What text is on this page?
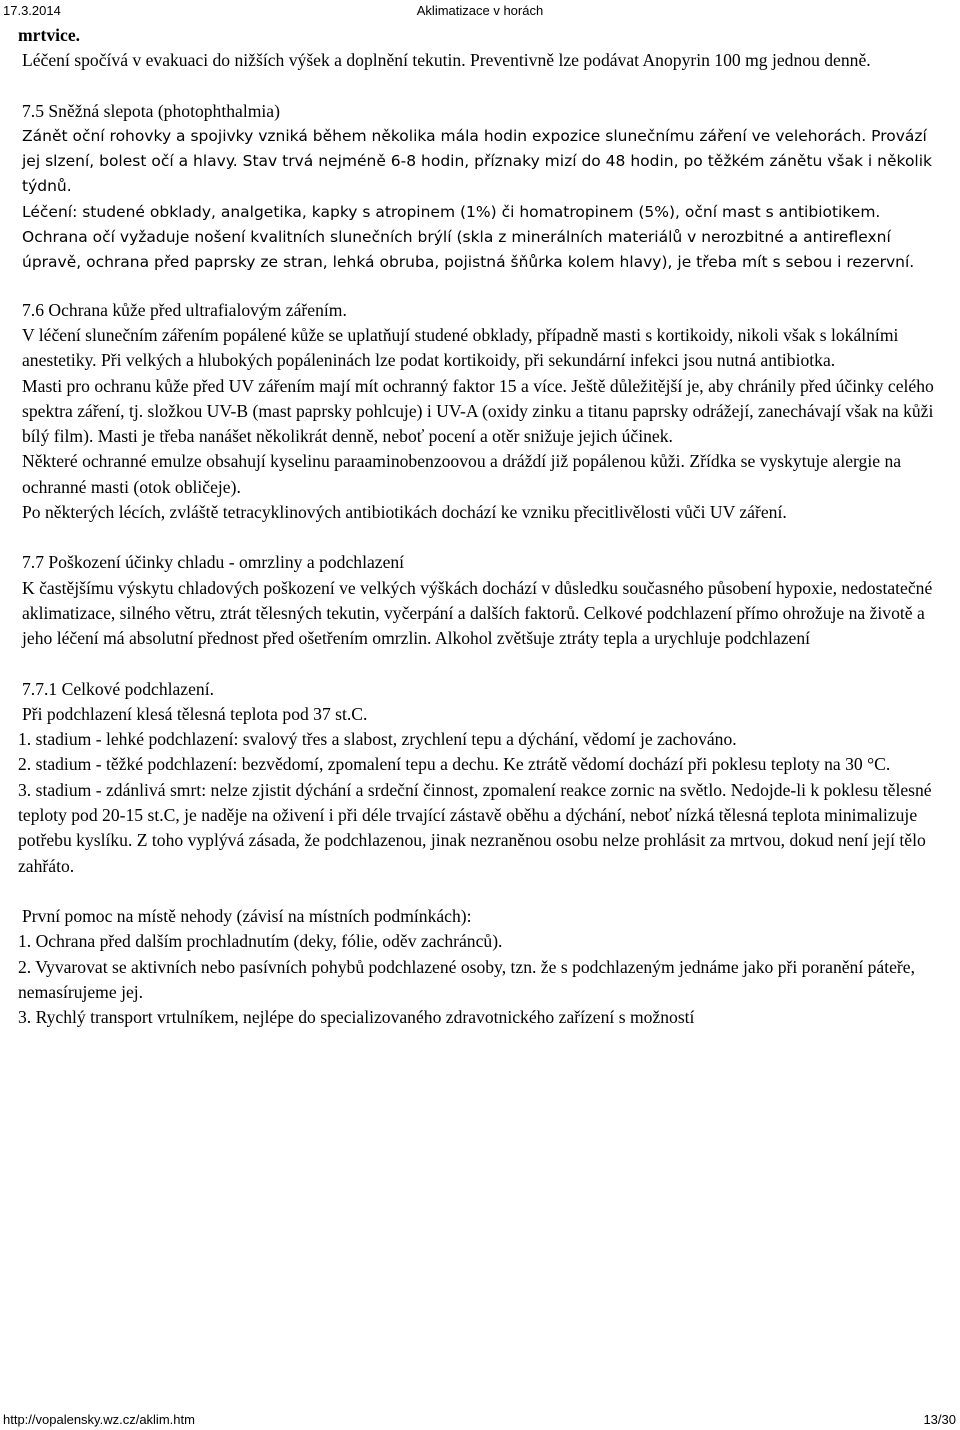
17.3.2014	Aklimatizace v horách

mrtvice.

Léčení spočívá v evakuaci do nižších výšek a doplnění tekutin. Preventivně lze podávat Anopyrin 100 mg jednou denně.

7.5 Sněžná slepota (photophthalmia)

Zánět oční rohovky a spojivky vzniká během několika mála hodin expozice slunečnímu záření ve velehorách. Provází jej slzení, bolest očí a hlavy. Stav trvá nejméně 6-8 hodin, příznaky mizí do 48 hodin, po těžkém zánětu však i několik týdnů.

Léčení: studené obklady, analgetika, kapky s atropinem (1%) či homatropinem (5%), oční mast s antibiotikem.

Ochrana očí vyžaduje nošení kvalitních slunečních brýlí (skla z minerálních materiálů v nerozbitné a antireflexní úpravě, ochrana před paprsky ze stran, lehká obruba, pojistná šňůrka kolem hlavy), je třeba mít s sebou i rezervní.

7.6 Ochrana kůže před ultrafialovým zářením.

V léčení slunečním zářením popálené kůže se uplatňují studené obklady, případně masti s kortikoidy, nikoli však s lokálními anestetiky. Při velkých a hlubokých popáleninách lze podat kortikoidy, při sekundární infekci jsou nutná antibiotka.

Masti pro ochranu kůže před UV zářením mají mít ochranný faktor 15 a více. Ještě důležitější je, aby chránily před účinky celého spektra záření, tj. složkou UV-B (mast paprsky pohlcuje) i UV-A (oxidy zinku a titanu paprsky odrážejí, zanechávají však na kůži bílý film). Masti je třeba nanášet několikrát denně, neboť pocení a otěr snižuje jejich účinek.

Některé ochranné emulze obsahují kyselinu paraaminobenzoovou a dráždí již popálenou kůži. Zřídka se vyskytuje alergie na ochranné masti (otok obličeje).

Po některých lécích, zvláště tetracyklinových antibiotikách dochází ke vzniku přecitlivělosti vůči UV záření.

7.7 Poškození účinky chladu - omrzliny a podchlazení

K častějšímu výskytu chladových poškození ve velkých výškách dochází v důsledku současného působení hypoxie, nedostatečné aklimatizace, silného větru, ztrát tělesných tekutin, vyčerpání a dalších faktorů. Celkové podchlazení přímo ohrožuje na životě a jeho léčení má absolutní přednost před ošetřením omrzlin. Alkohol zvětšuje ztráty tepla a urychluje podchlazení

7.7.1 Celkové podchlazení.

Při podchlazení klesá tělesná teplota pod 37 st.C.

1. stadium - lehké podchlazení: svalový třes a slabost, zrychlení tepu a dýchání, vědomí je zachováno.

2. stadium - těžké podchlazení: bezvědomí, zpomalení tepu a dechu. Ke ztrátě vědomí dochází při poklesu teploty na 30 °C.

3. stadium - zdánlivá smrt: nelze zjistit dýchání a srdeční činnost, zpomalení reakce zornic na světlo. Nedojde-li k poklesu tělesné teploty pod 20-15 st.C, je naděje na oživení i při déle trvající zástavě oběhu a dýchání, neboť nízká tělesná teplota minimalizuje potřebu kyslíku. Z toho vyplývá zásada, že podchlazenou, jinak nezraněnou osobu nelze prohlásit za mrtvou, dokud není její tělo zahřáto.

První pomoc na místě nehody (závisí na místních podmínkách):

1. Ochrana před dalším prochladnutím (deky, fólie, oděv zachránců).

2. Vyvarovat se aktivních nebo pasívních pohybů podchlazené osoby, tzn. že s podchlazeným jednáme jako při poranění páteře, nemasírujeme jej.

3. Rychlý transport vrtulníkem, nejlépe do specializovaného zdravotnického zařízení s možností

http://vopalensky.wz.cz/aklim.htm	13/30
